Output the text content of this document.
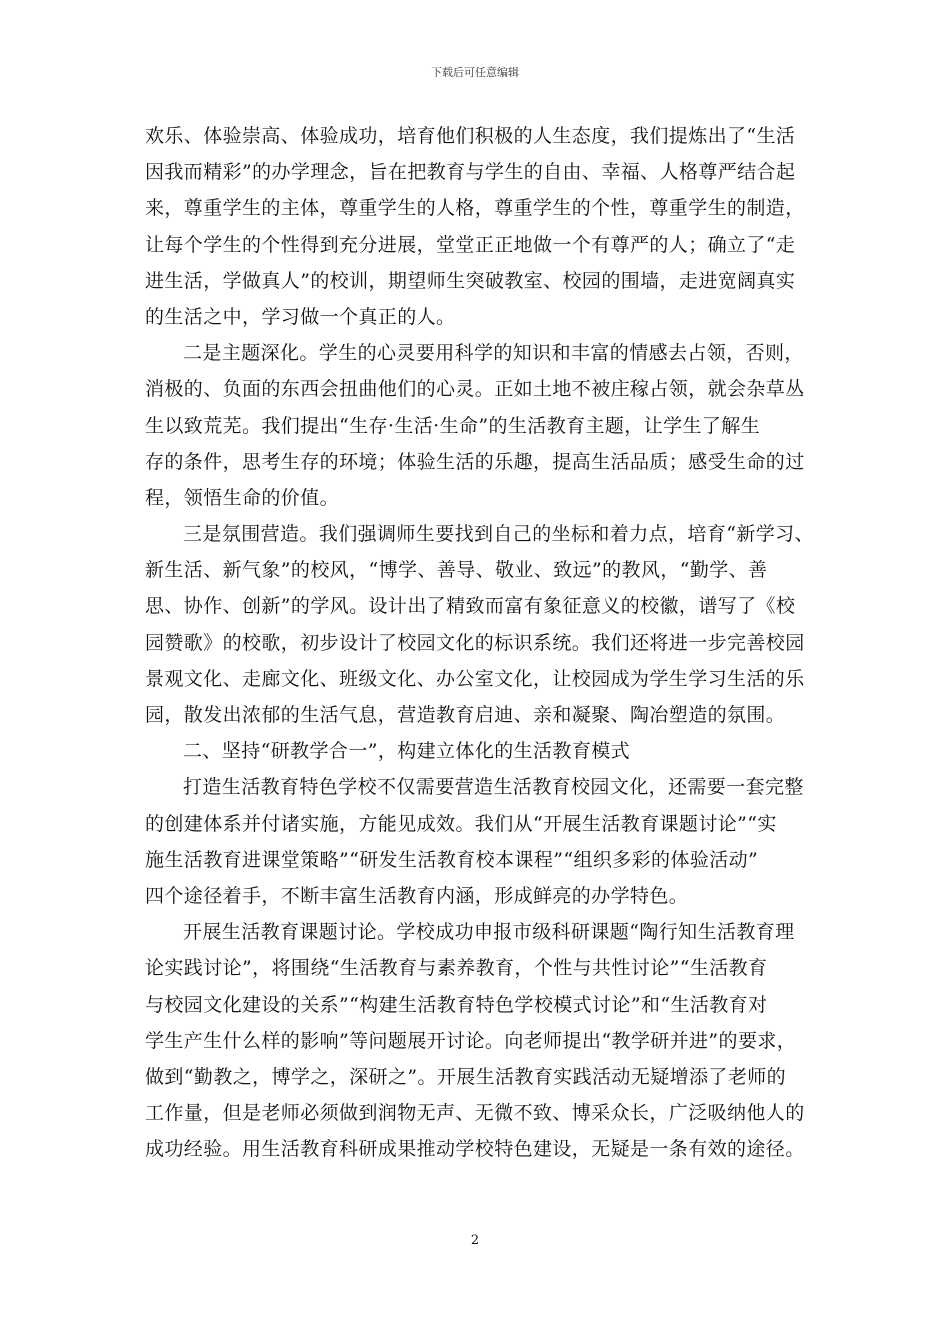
下载后可任意编辑
欢乐、体验崇高、体验成功，培育他们积极的人生态度，我们提炼出了“生活
因我而精彩”的办学理念，旨在把教育与学生的自由、幸福、人格尊严结合起
来，尊重学生的主体，尊重学生的人格，尊重学生的个性，尊重学生的制造，
让每个学生的个性得到充分进展，堂堂正正地做一个有尊严的人；确立了“走
进生活，学做真人”的校训，期望师生突破教室、校园的围墙，走进宽阔真实
的生活之中，学习做一个真正的人。
二是主题深化。学生的心灵要用科学的知识和丰富的情感去占领，否则，
消极的、负面的东西会扭曲他们的心灵。正如土地不被庄稼占领，就会杂草丛
生以致荒芜。我们提出“生存·生活·生命”的生活教育主题，让学生了解生
存的条件，思考生存的环境；体验生活的乐趣，提高生活品质；感受生命的过
程，领悟生命的价值。
三是氛围营造。我们强调师生要找到自己的坐标和着力点，培育“新学习、
新生活、新气象”的校风，“博学、善导、敬业、致远”的教风，“勤学、善
思、协作、创新”的学风。设计出了精致而富有象征意义的校徽，谱写了《校
园赞歌》的校歌，初步设计了校园文化的标识系统。我们还将进一步完善校园
景观文化、走廊文化、班级文化、办公室文化，让校园成为学生学习生活的乐
园，散发出浓郁的生活气息，营造教育启迪、亲和凝聚、陶冶塑造的氛围。
二、坚持“研教学合一”，构建立体化的生活教育模式
打造生活教育特色学校不仅需要营造生活教育校园文化，还需要一套完整
的创建体系并付诸实施，方能见成效。我们从“开展生活教育课题讨论”“实
施生活教育进课堂策略”“研发生活教育校本课程”“组织多彩的体验活动”
四个途径着手，不断丰富生活教育内涵，形成鲜亮的办学特色。
开展生活教育课题讨论。学校成功申报市级科研课题“陶行知生活教育理
论实践讨论”，将围绕“生活教育与素养教育，个性与共性讨论”“生活教育
与校园文化建设的关系”“构建生活教育特色学校模式讨论”和“生活教育对
学生产生什么样的影响”等问题展开讨论。向老师提出“教学研并进”的要求，
做到“勤教之，博学之，深研之”。开展生活教育实践活动无疑增添了老师的
工作量，但是老师必须做到润物无声、无微不致、博采众长，广泛吸纳他人的
成功经验。用生活教育科研成果推动学校特色建设，无疑是一条有效的途径。
2
